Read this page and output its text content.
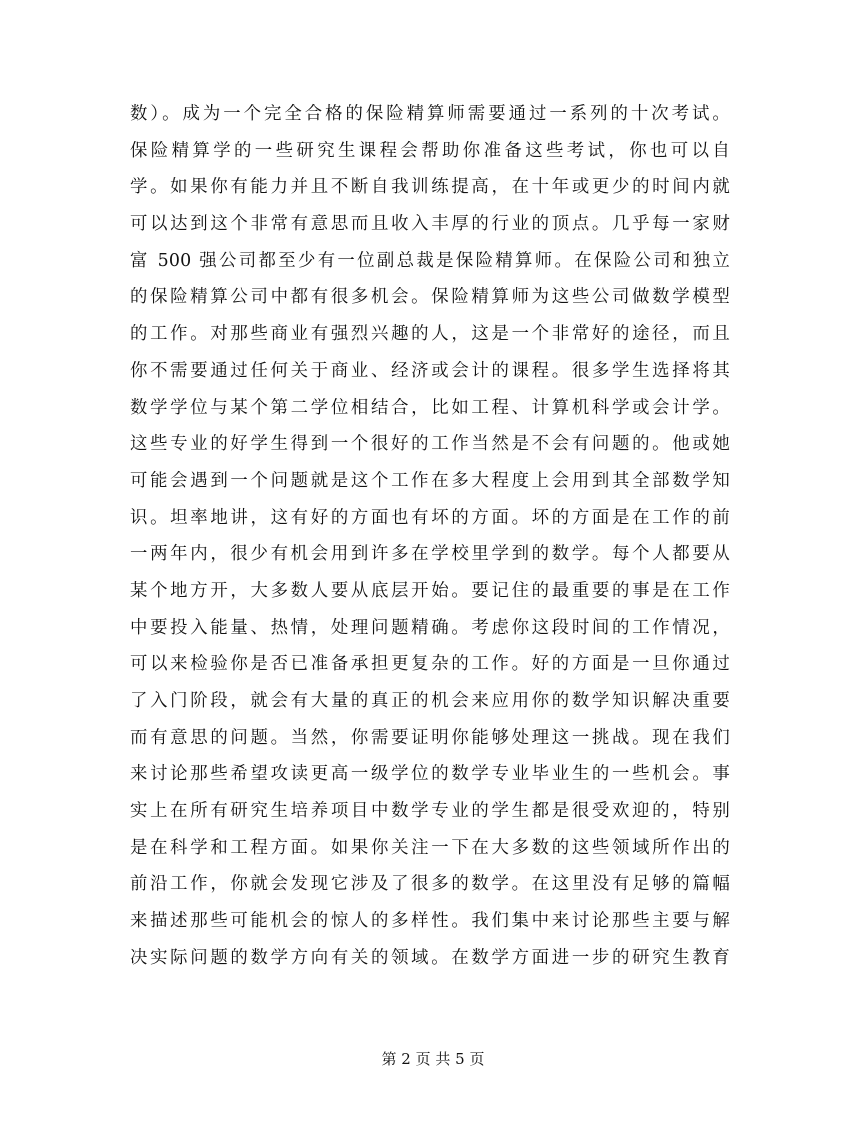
数）。成为一个完全合格的保险精算师需要通过一系列的十次考试。
保险精算学的一些研究生课程会帮助你准备这些考试，你也可以自
学。如果你有能力并且不断自我训练提高，在十年或更少的时间内就
可以达到这个非常有意思而且收入丰厚的行业的顶点。几乎每一家财
富 500 强公司都至少有一位副总裁是保险精算师。在保险公司和独立
的保险精算公司中都有很多机会。保险精算师为这些公司做数学模型
的工作。对那些商业有强烈兴趣的人，这是一个非常好的途径，而且
你不需要通过任何关于商业、经济或会计的课程。很多学生选择将其
数学学位与某个第二学位相结合，比如工程、计算机科学或会计学。
这些专业的好学生得到一个很好的工作当然是不会有问题的。他或她
可能会遇到一个问题就是这个工作在多大程度上会用到其全部数学知
识。坦率地讲，这有好的方面也有坏的方面。坏的方面是在工作的前
一两年内，很少有机会用到许多在学校里学到的数学。每个人都要从
某个地方开，大多数人要从底层开始。要记住的最重要的事是在工作
中要投入能量、热情，处理问题精确。考虑你这段时间的工作情况，
可以来检验你是否已准备承担更复杂的工作。好的方面是一旦你通过
了入门阶段，就会有大量的真正的机会来应用你的数学知识解决重要
而有意思的问题。当然，你需要证明你能够处理这一挑战。现在我们
来讨论那些希望攻读更高一级学位的数学专业毕业生的一些机会。事
实上在所有研究生培养项目中数学专业的学生都是很受欢迎的，特别
是在科学和工程方面。如果你关注一下在大多数的这些领域所作出的
前沿工作，你就会发现它涉及了很多的数学。在这里没有足够的篇幅
来描述那些可能机会的惊人的多样性。我们集中来讨论那些主要与解
决实际问题的数学方向有关的领域。在数学方面进一步的研究生教育
第 2 页 共 5 页
